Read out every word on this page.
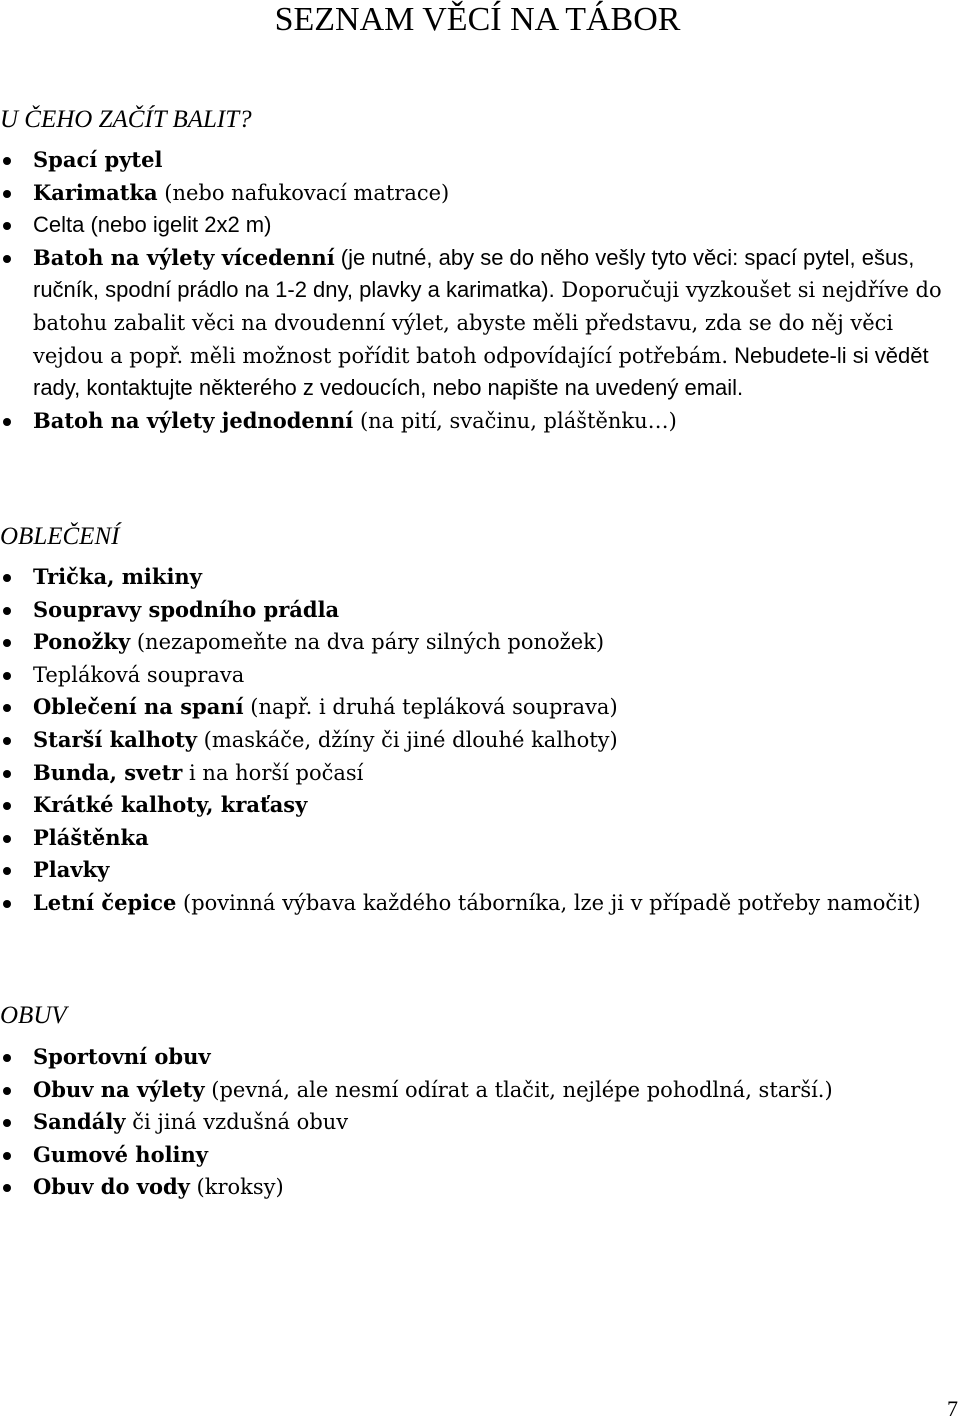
SEZNAM VĚCÍ NA TÁBOR
U ČEHO ZAČÍT BALIT?
Spací pytel
Karimatka (nebo nafukovací matrace)
Celta (nebo igelit 2x2 m)
Batoh na výlety vícedenní (je nutné, aby se do něho vešly tyto věci: spací pytel, ešus, ručník, spodní prádlo na 1-2 dny, plavky a karimatka). Doporučuji vyzkoušet si nejdříve do batohu zabalit věci na dvoudenní výlet, abyste měli představu, zda se do něj věci vejdou a popř. měli možnost pořídit batoh odpovídající potřebám. Nebudete-li si vědět rady, kontaktujte některého z vedoucích, nebo napište na uvedený email.
Batoh na výlety jednodenní (na pití, svačinu, pláštěnku…)
OBLEČENÍ
Trička, mikiny
Soupravy spodního prádla
Ponožky (nezapomeňte na dva páry silných ponožek)
Tepláková souprava
Oblečení na spaní (např. i druhá tepláková souprava)
Starší kalhoty (maskáče, džíny či jiné dlouhé kalhoty)
Bunda, svetr i na horší počasí
Krátké kalhoty, kraťasy
Pláštěnka
Plavky
Letní čepice (povinná výbava každého táborníka, lze ji v případě potřeby namočit)
OBUV
Sportovní obuv
Obuv na výlety (pevná, ale nesmí odírat a tlačit, nejlépe pohodlná, starší.)
Sandály či jiná vzdušná obuv
Gumové holiny
Obuv do vody (kroksy)
7
